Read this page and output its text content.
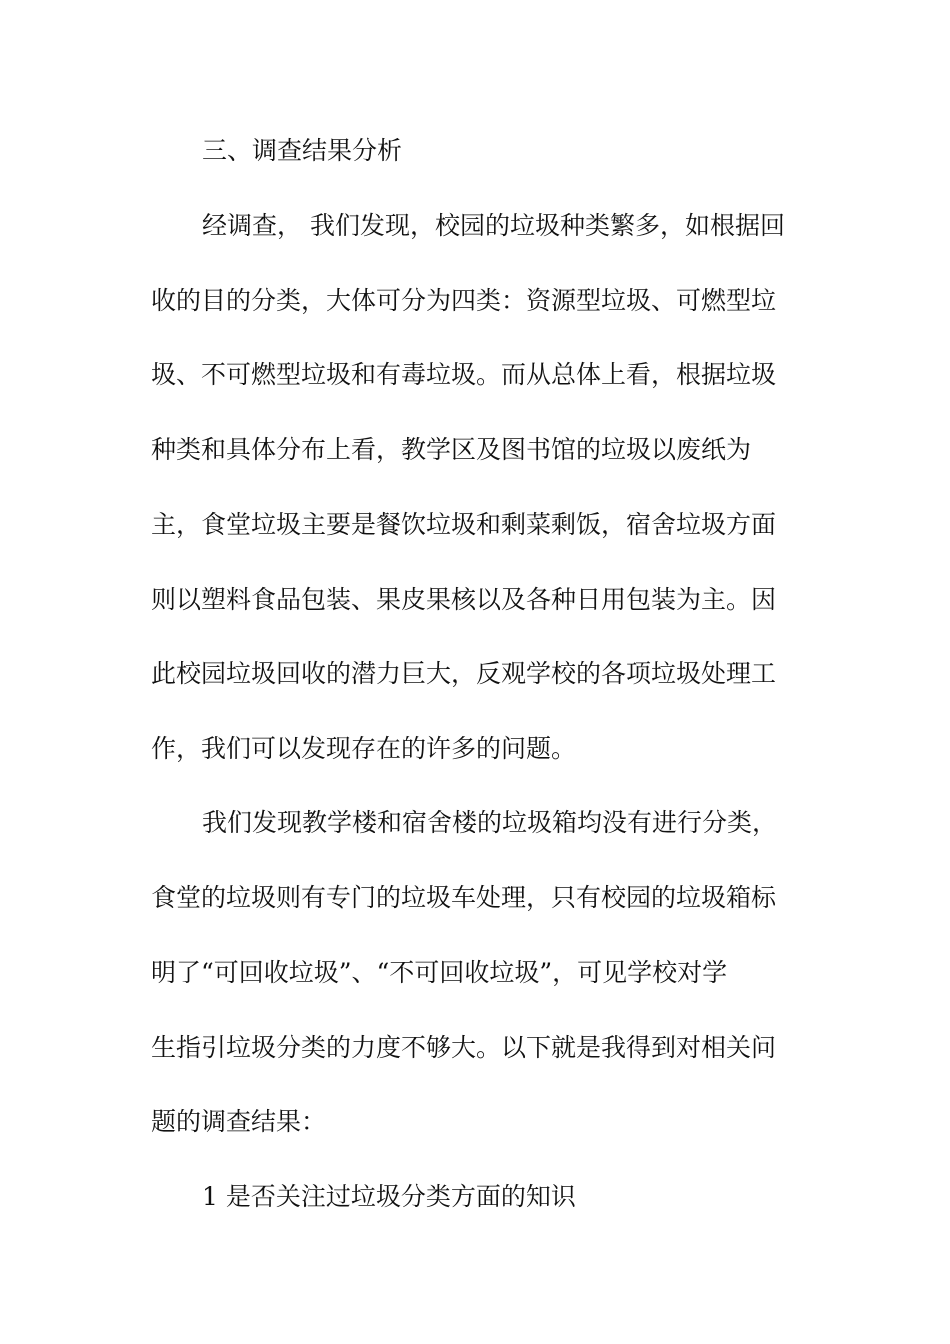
三、调查结果分析
经调查， 我们发现，校园的垃圾种类繁多，如根据回
收的目的分类，大体可分为四类：资源型垃圾、可燃型垃
圾、不可燃型垃圾和有毒垃圾。而从总体上看，根据垃圾
种类和具体分布上看，教学区及图书馆的垃圾以废纸为
主，食堂垃圾主要是餐饮垃圾和剩菜剩饭，宿舍垃圾方面
则以塑料食品包装、果皮果核以及各种日用包装为主。因
此校园垃圾回收的潜力巨大，反观学校的各项垃圾处理工
作，我们可以发现存在的许多的问题。
我们发现教学楼和宿舍楼的垃圾箱均没有进行分类，
食堂的垃圾则有专门的垃圾车处理，只有校园的垃圾箱标
明了“可回收垃圾”、“不可回收垃圾”，可见学校对学
生指引垃圾分类的力度不够大。以下就是我得到对相关问
题的调查结果：
1 是否关注过垃圾分类方面的知识
